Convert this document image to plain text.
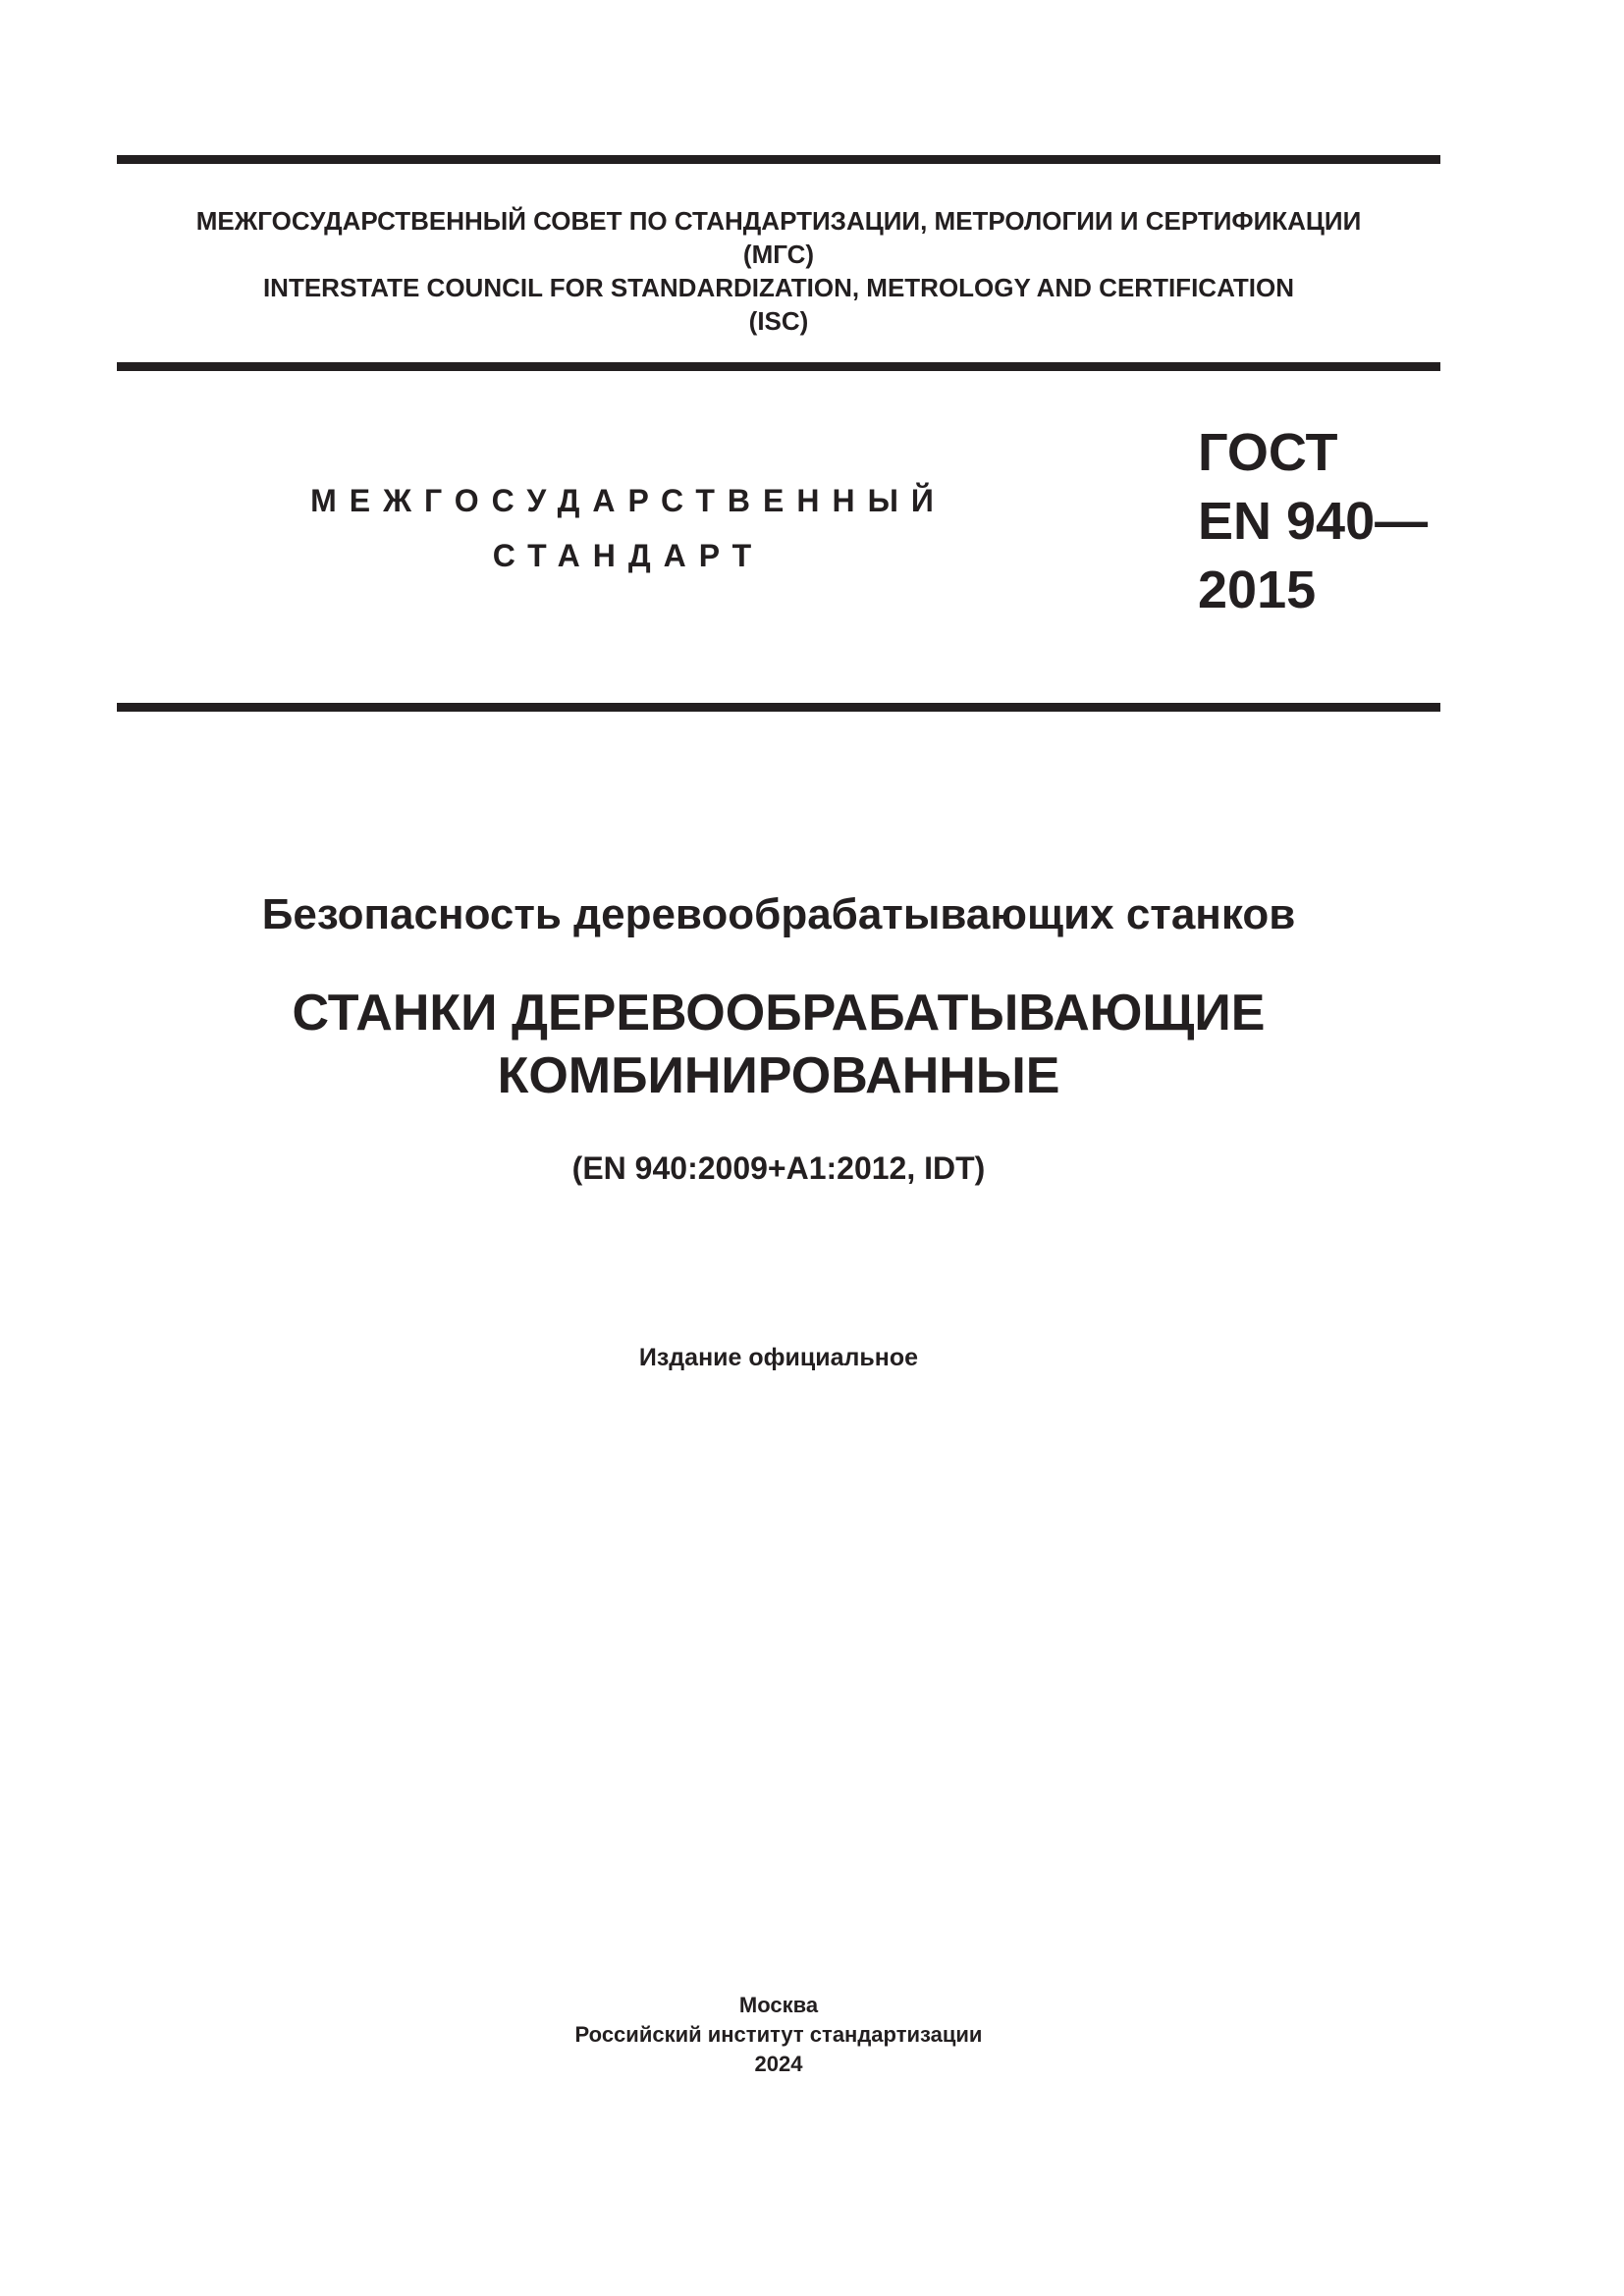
МЕЖГОСУДАРСТВЕННЫЙ СОВЕТ ПО СТАНДАРТИЗАЦИИ, МЕТРОЛОГИИ И СЕРТИФИКАЦИИ
(МГС)
INTERSTATE COUNCIL FOR STANDARDIZATION, METROLOGY AND CERTIFICATION
(ISC)
МЕЖГОСУДАРСТВЕННЫЙ
СТАНДАРТ
ГОСТ
EN 940—
2015
Безопасность деревообрабатывающих станков
СТАНКИ ДЕРЕВООБРАБАТЫВАЮЩИЕ
КОМБИНИРОВАННЫЕ
(EN 940:2009+A1:2012, IDT)
Издание официальное
Москва
Российский институт стандартизации
2024
